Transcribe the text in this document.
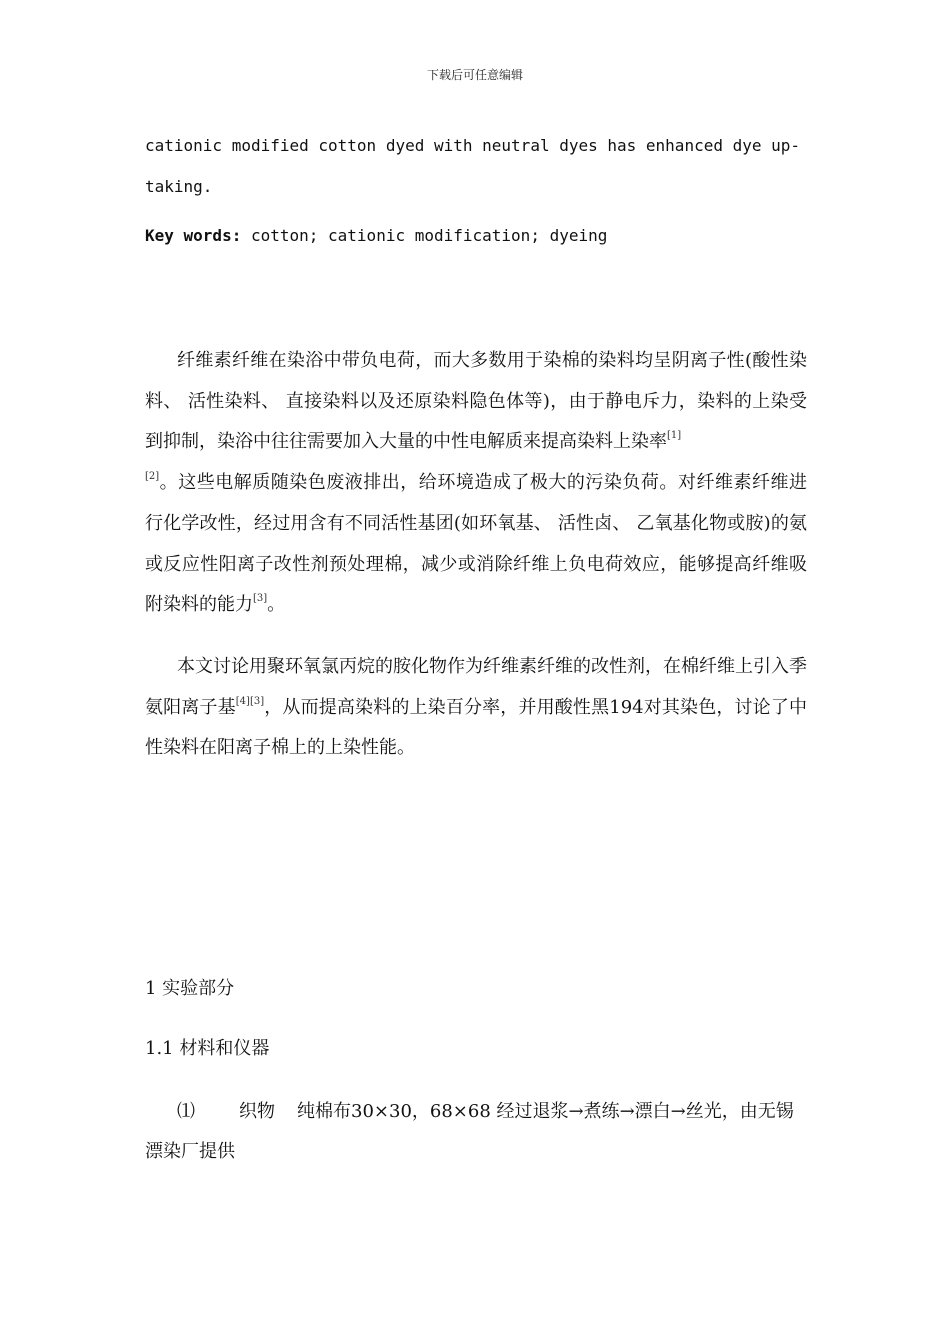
下载后可任意编辑
cationic modified cotton dyed with neutral dyes has enhanced dye up-taking.
Key words: cotton; cationic modification; dyeing

纤维素纤维在染浴中带负电荷，而大多数用于染棉的染料均呈阴离子性(酸性染料、 活性染料、 直接染料以及还原染料隐色体等)，由于静电斥力，染料的上染受到抑制，染浴中往往需要加入大量的中性电解质来提高染料上染率[1]
[2]。这些电解质随染色废液排出，给环境造成了极大的污染负荷。对纤维素纤维进行化学改性，经过用含有不同活性基团(如环氧基、 活性卤、 乙氧基化物或胺)的氨或反应性阳离子改性剂预处理棉，减少或消除纤维上负电荷效应，能够提高纤维吸附染料的能力[3]。

本文讨论用聚环氧氯丙烷的胺化物作为纤维素纤维的改性剂，在棉纤维上引入季氨阳离子基[4][3]，从而提高染料的上染百分率，并用酸性黑194对其染色，讨论了中性染料在阳离子棉上的上染性能。

1 实验部分
1.1 材料和仪器
⑴ 织物 纯棉布30×30，68×68 经过退浆→煮练→漂白→丝光，由无锡漂染厂提供
